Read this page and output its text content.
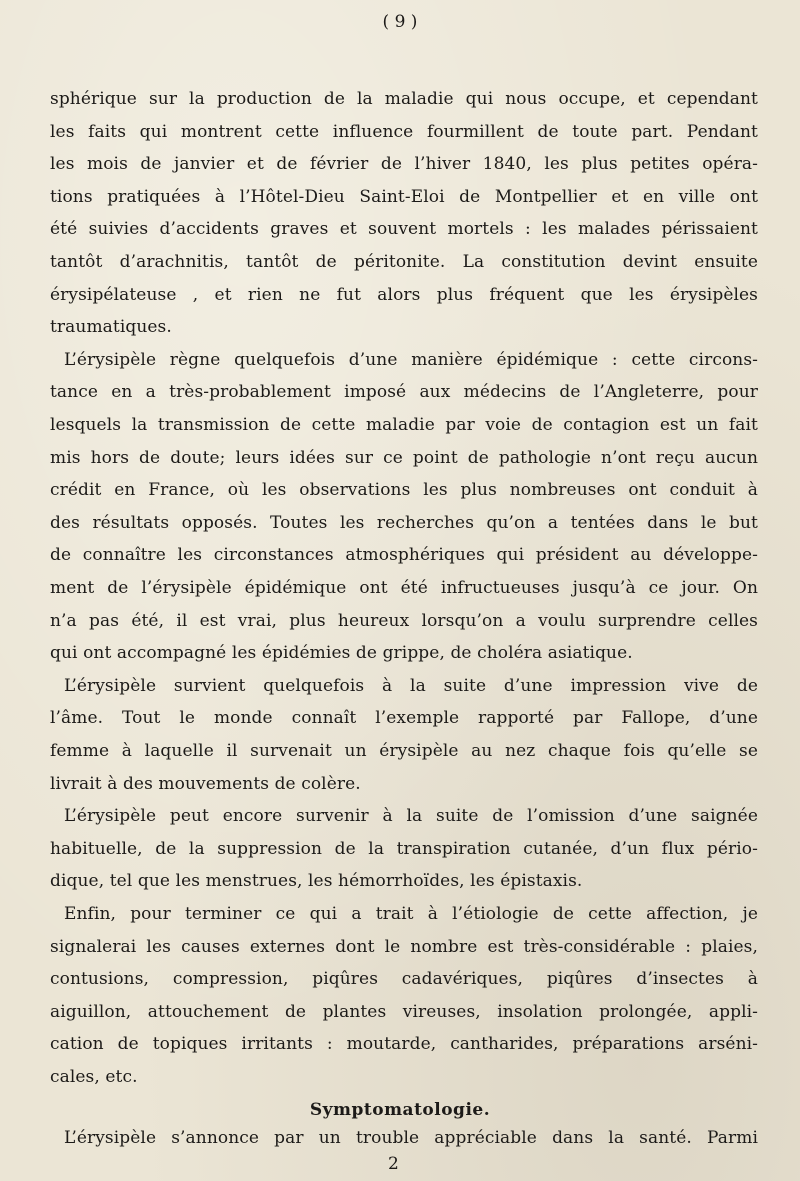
( 9 )
sphérique sur la production de la maladie qui nous occupe, et cependant
les faits qui montrent cette influence fourmillent de toute part. Pendant
les mois de janvier et de février de l’hiver 1840, les plus petites opéra-
tions pratiquées à l’Hôtel-Dieu Saint-Eloi de Montpellier et en ville ont
été suivies d’accidents graves et souvent mortels : les malades périssaient
tantôt d’arachnitis, tantôt de péritonite. La constitution devint ensuite
érysipélateuse , et rien ne fut alors plus fréquent que les érysipèles
traumatiques.
L’érysipèle règne quelquefois d’une manière épidémique : cette circons-
tance en a très-probablement imposé aux médecins de l’Angleterre, pour
lesquels la transmission de cette maladie par voie de contagion est un fait
mis hors de doute; leurs idées sur ce point de pathologie n’ont reçu aucun
crédit en France, où les observations les plus nombreuses ont conduit à
des résultats opposés. Toutes les recherches qu’on a tentées dans le but
de connaître les circonstances atmosphériques qui président au développe-
ment de l’érysipèle épidémique ont été infructueuses jusqu’à ce jour. On
n’a pas été, il est vrai, plus heureux lorsqu’on a voulu surprendre celles
qui ont accompagné les épidémies de grippe, de choléra asiatique.
L’érysipèle survient quelquefois à la suite d’une impression vive de
l’âme. Tout le monde connaît l’exemple rapporté par Fallope, d’une
femme à laquelle il survenait un érysipèle au nez chaque fois qu’elle se
livrait à des mouvements de colère.
L’érysipèle peut encore survenir à la suite de l’omission d’une saignée
habituelle, de la suppression de la transpiration cutanée, d’un flux pério-
dique, tel que les menstrues, les hémorrhoïdes, les épistaxis.
Enfin, pour terminer ce qui a trait à l’étiologie de cette affection, je
signalerai les causes externes dont le nombre est très-considérable : plaies,
contusions, compression, piqûres cadavériques, piqûres d’insectes à
aiguillon, attouchement de plantes vireuses, insolation prolongée, appli-
cation de topiques irritants : moutarde, cantharides, préparations arséni-
cales, etc.
L’érysipèle s’annonce par un trouble appréciable dans la santé. Parmi
Symptomatologie.
2
